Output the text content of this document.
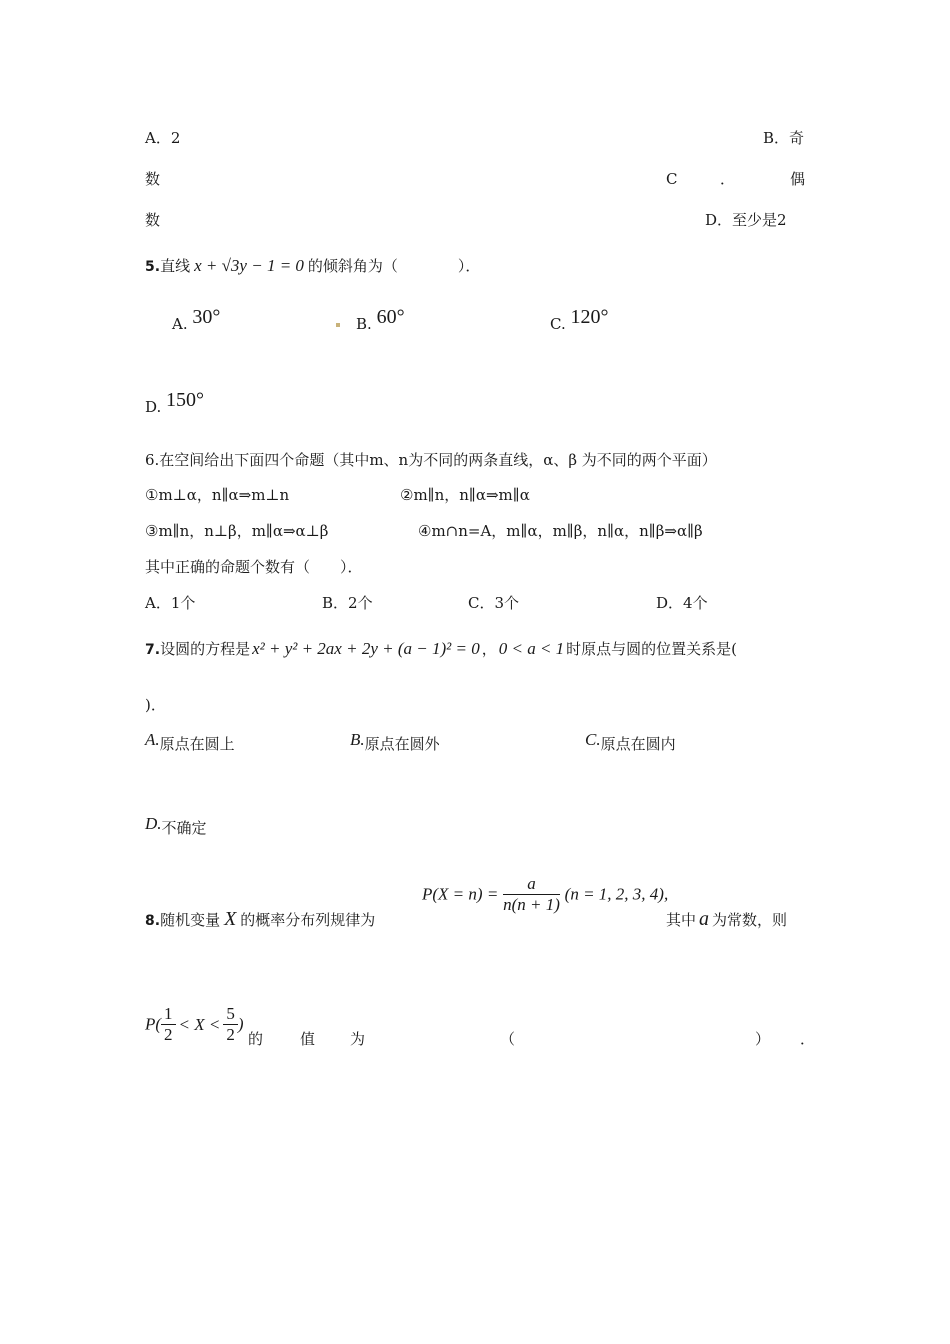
A．2	B．奇
数	C	．	偶
数	D．至少是2
5.直线 x + √3y − 1 = 0 的倾斜角为（　　　　）．
A. 30°	B. 60°	C. 120°
D. 150°
6.在空间给出下面四个命题（其中m、n为不同的两条直线，α、β 为不同的两个平面）
①m⊥α，n∥α⇒m⊥n	②m∥n，n∥α⇒m∥α
③m∥n，n⊥β，m∥α⇒α⊥β	④m∩n=A，m∥α，m∥β，n∥α，n∥β⇒α∥β
其中正确的命题个数有（　　）．
A．1个	B．2个	C．3个	D．4个
7.设圆的方程是 x² + y² + 2ax + 2y + (a − 1)² = 0 ， 0 < a < 1 时原点与圆的位置关系是(
)．
A.原点在圆上	B.原点在圆外	C.原点在圆内
D.不确定
8.随机变量 X 的概率分布列规律为
$P(X = n) = \frac{a}{n(n + 1)} (n = 1$, 2, 3, 4),
其中 a 为常数，则
$P( \frac{1}{2} < X < \frac{5}{2}$ )
的 值 为	（	） ．
